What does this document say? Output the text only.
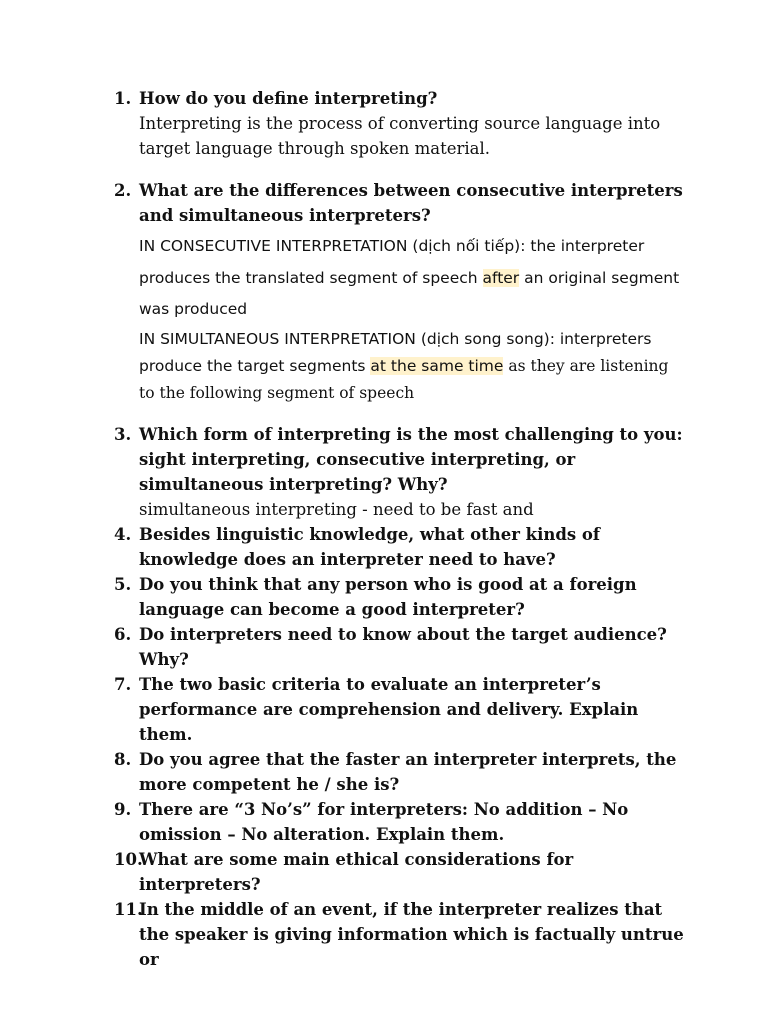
1. How do you define interpreting?
Interpreting is the process of converting source language into target language through spoken material.
2. What are the differences between consecutive interpreters and simultaneous interpreters?
IN CONSECUTIVE INTERPRETATION (dịch nối tiếp): the interpreter produces the translated segment of speech after an original segment was produced
IN SIMULTANEOUS INTERPRETATION (dịch song song): interpreters produce the target segments at the same time as they are listening to the following segment of speech
3. Which form of interpreting is the most challenging to you: sight interpreting, consecutive interpreting, or simultaneous interpreting? Why?
simultaneous interpreting - need to be fast and
4. Besides linguistic knowledge, what other kinds of knowledge does an interpreter need to have?
5. Do you think that any person who is good at a foreign language can become a good interpreter?
6. Do interpreters need to know about the target audience? Why?
7. The two basic criteria to evaluate an interpreter’s performance are comprehension and delivery. Explain them.
8. Do you agree that the faster an interpreter interprets, the more competent he / she is?
9. There are “3 No’s” for interpreters: No addition – No omission – No alteration. Explain them.
10.
What are some main ethical considerations for interpreters?
11.
In the middle of an event, if the interpreter realizes that the speaker is giving information which is factually untrue or
